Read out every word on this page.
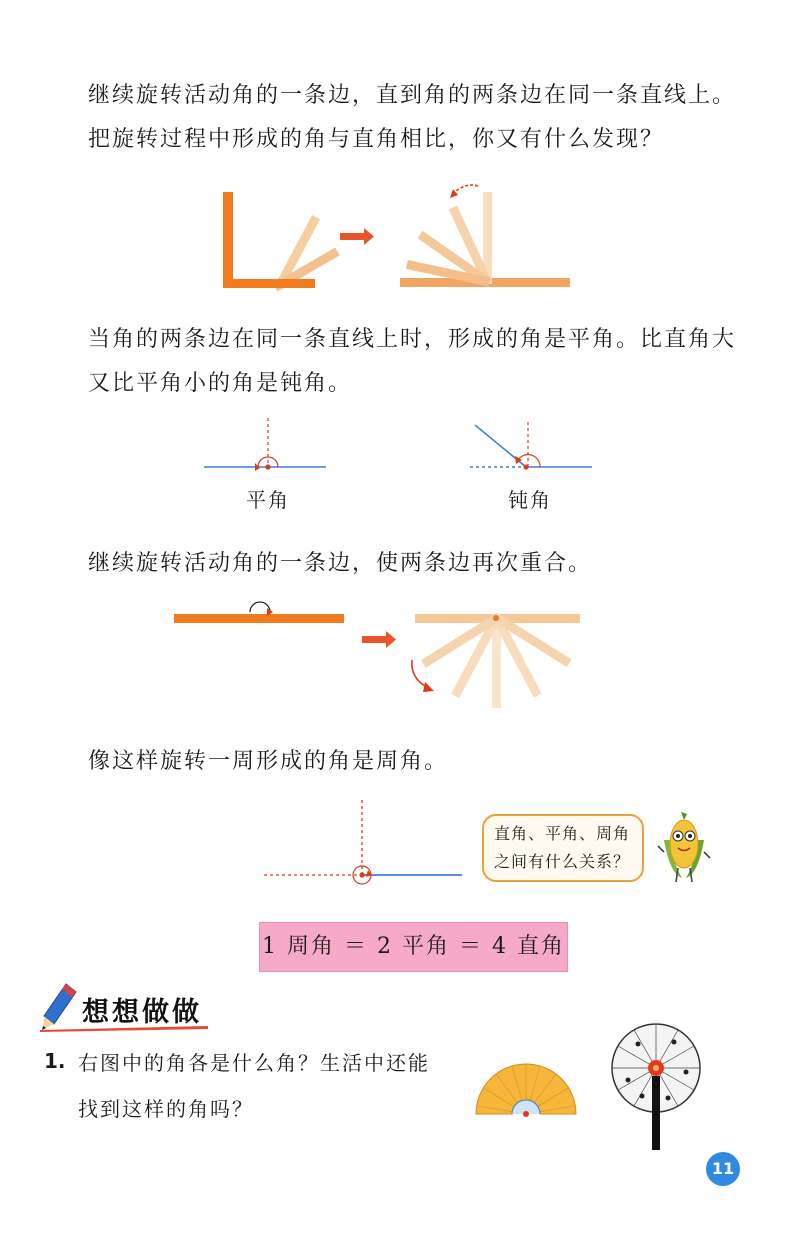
继续旋转活动角的一条边，直到角的两条边在同一条直线上。
把旋转过程中形成的角与直角相比，你又有什么发现？

当角的两条边在同一条直线上时，形成的角是平角。比直角大
又比平角小的角是钝角。

平角	钝角

继续旋转活动角的一条边，使两条边再次重合。

像这样旋转一周形成的角是周角。

直角、平角、周角
之间有什么关系？
1 周角 ＝ 2 平角 ＝ 4 直角
想想做做
1. 右图中的角各是什么角？生活中还能
找到这样的角吗？

11
